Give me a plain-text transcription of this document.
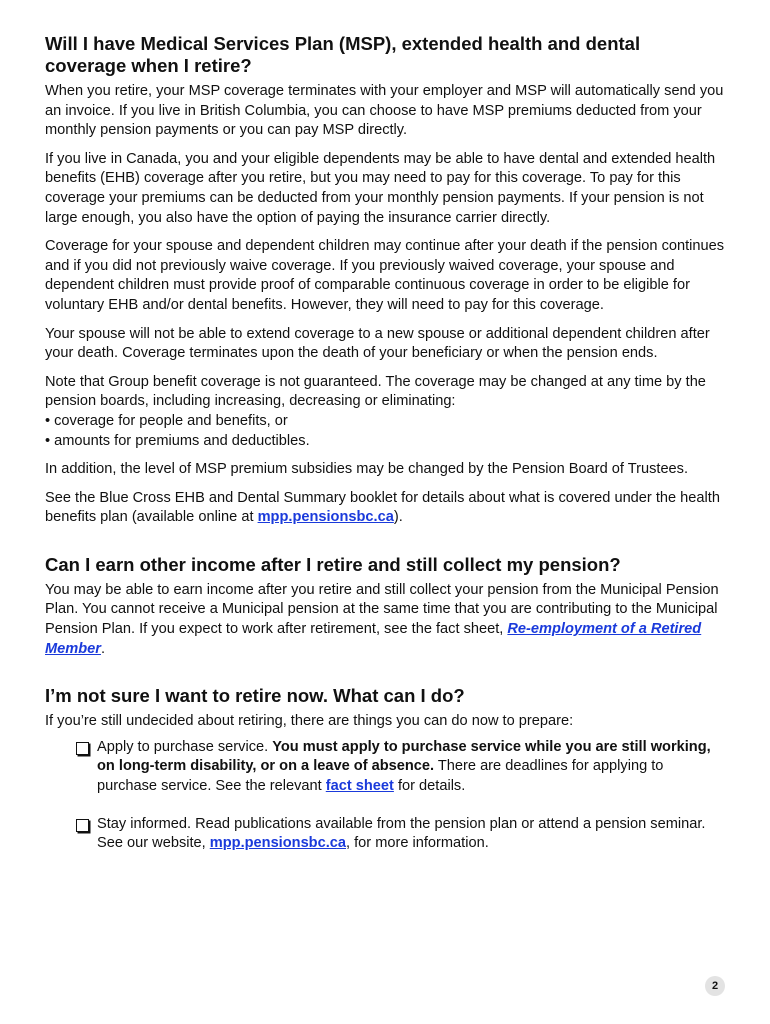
Will I have Medical Services Plan (MSP), extended health and dental coverage when I retire?

When you retire, your MSP coverage terminates with your employer and MSP will automatically send you an invoice. If you live in British Columbia, you can choose to have MSP premiums deducted from your monthly pension payments or you can pay MSP directly.

If you live in Canada, you and your eligible dependents may be able to have dental and extended health benefits (EHB) coverage after you retire, but you may need to pay for this coverage. To pay for this coverage your premiums can be deducted from your monthly pension payments. If your pension is not large enough, you also have the option of paying the insurance carrier directly.

Coverage for your spouse and dependent children may continue after your death if the pension continues and if you did not previously waive coverage. If you previously waived coverage, your spouse and dependent children must provide proof of comparable continuous coverage in order to be eligible for voluntary EHB and/or dental benefits. However, they will need to pay for this coverage.

Your spouse will not be able to extend coverage to a new spouse or additional dependent children after your death. Coverage terminates upon the death of your beneficiary or when the pension ends.

Note that Group benefit coverage is not guaranteed. The coverage may be changed at any time by the pension boards, including increasing, decreasing or eliminating:

• coverage for people and benefits, or
• amounts for premiums and deductibles.

In addition, the level of MSP premium subsidies may be changed by the Pension Board of Trustees.

See the Blue Cross EHB and Dental Summary booklet for details about what is covered under the health benefits plan (available online at mpp.pensionsbc.ca).

Can I earn other income after I retire and still collect my pension?

You may be able to earn income after you retire and still collect your pension from the Municipal Pension Plan. You cannot receive a Municipal pension at the same time that you are contributing to the Municipal Pension Plan. If you expect to work after retirement, see the fact sheet, Re-employment of a Retired Member.

I’m not sure I want to retire now. What can I do?

If you’re still undecided about retiring, there are things you can do now to prepare:

Apply to purchase service. You must apply to purchase service while you are still working, on long-term disability, or on a leave of absence. There are deadlines for applying to purchase service. See the relevant fact sheet for details.
Stay informed. Read publications available from the pension plan or attend a pension seminar. See our website, mpp.pensionsbc.ca, for more information.
2
